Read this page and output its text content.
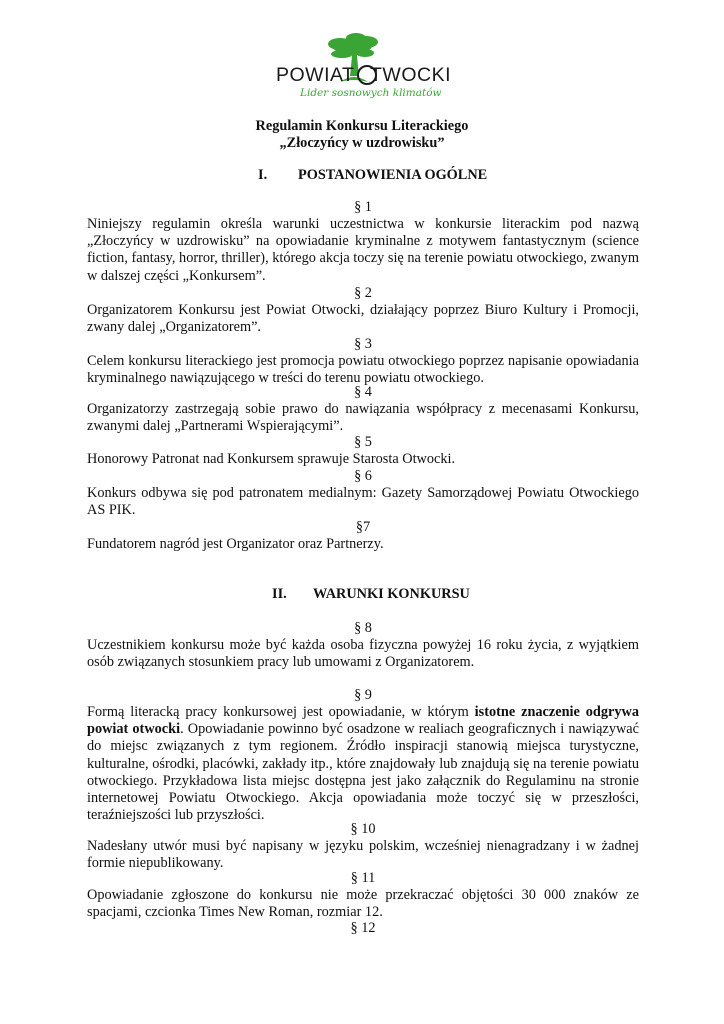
POWIAT TWOCKI
Lider sosnowych klimatów
Regulamin Konkursu Literackiego
„Złoczyńcy w uzdrowisku”
I. POSTANOWIENIA OGÓLNE
§ 1
Niniejszy regulamin określa warunki uczestnictwa w konkursie literackim pod nazwą „Złoczyńcy w uzdrowisku” na opowiadanie kryminalne z motywem fantastycznym (science fiction, fantasy, horror, thriller), którego akcja toczy się na terenie powiatu otwockiego, zwanym w dalszej części „Konkursem”.
§ 2
Organizatorem Konkursu jest Powiat Otwocki, działający poprzez Biuro Kultury i Promocji, zwany dalej „Organizatorem”.
§ 3
Celem konkursu literackiego jest promocja powiatu otwockiego poprzez napisanie opowiadania kryminalnego nawiązującego w treści do terenu powiatu otwockiego.
§ 4
Organizatorzy zastrzegają sobie prawo do nawiązania współpracy z mecenasami Konkursu, zwanymi dalej „Partnerami Wspierającymi”.
§ 5
Honorowy Patronat nad Konkursem sprawuje Starosta Otwocki.
§ 6
Konkurs odbywa się pod patronatem medialnym: Gazety Samorządowej Powiatu Otwockiego AS PIK.
§7
Fundatorem nagród jest Organizator oraz Partnerzy.
II. WARUNKI KONKURSU
§ 8
Uczestnikiem konkursu może być każda osoba fizyczna powyżej 16 roku życia, z wyjątkiem osób związanych stosunkiem pracy lub umowami z Organizatorem.
§ 9
Formą literacką pracy konkursowej jest opowiadanie, w którym istotne znaczenie odgrywa powiat otwocki. Opowiadanie powinno być osadzone w realiach geograficznych i nawiązywać do miejsc związanych z tym regionem. Źródło inspiracji stanowią miejsca turystyczne, kulturalne, ośrodki, placówki, zakłady itp., które znajdowały lub znajdują się na terenie powiatu otwockiego. Przykładowa lista miejsc dostępna jest jako załącznik do Regulaminu na stronie internetowej Powiatu Otwockiego. Akcja opowiadania może toczyć się w przeszłości, teraźniejszości lub przyszłości.
§ 10
Nadesłany utwór musi być napisany w języku polskim, wcześniej nienagradzany i w żadnej formie niepublikowany.
§ 11
Opowiadanie zgłoszone do konkursu nie może przekraczać objętości 30 000 znaków ze spacjami, czcionka Times New Roman, rozmiar 12.
§ 12
